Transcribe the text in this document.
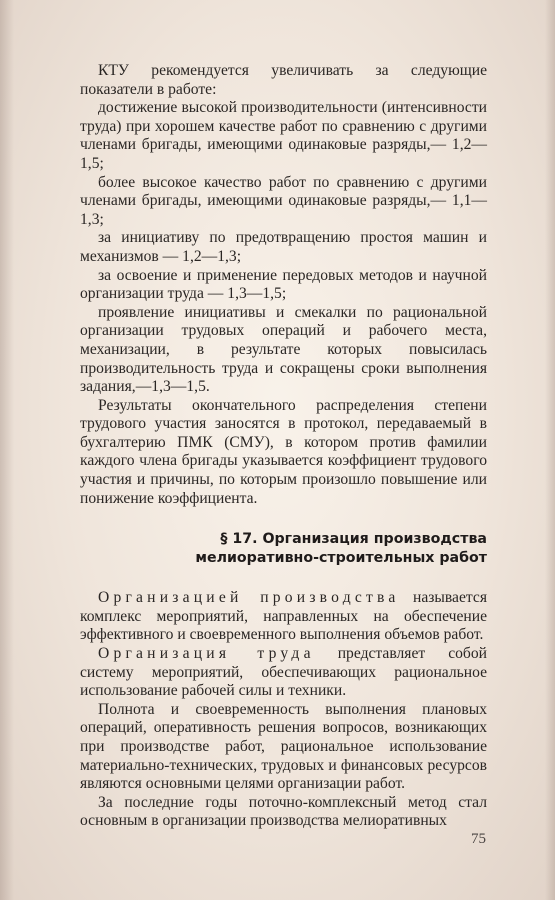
КТУ рекомендуется увеличивать за следующие показатели в работе:

достижение высокой производительности (интенсивности труда) при хорошем качестве работ по сравнению с другими членами бригады, имеющими одинаковые разряды,— 1,2—1,5;

более высокое качество работ по сравнению с другими членами бригады, имеющими одинаковые разряды,— 1,1—1,3;

за инициативу по предотвращению простоя машин и механизмов — 1,2—1,3;

за освоение и применение передовых методов и научной организации труда — 1,3—1,5;

проявление инициативы и смекалки по рациональной организации трудовых операций и рабочего места, механизации, в результате которых повысилась производительность труда и сокращены сроки выполнения задания,—1,3—1,5.

Результаты окончательного распределения степени трудового участия заносятся в протокол, передаваемый в бухгалтерию ПМК (СМУ), в котором против фамилии каждого члена бригады указывается коэффициент трудового участия и причины, по которым произошло повышение или понижение коэффициента.

§ 17. Организация производства
мелиоративно-строительных работ

Организацией производства называется комплекс мероприятий, направленных на обеспечение эффективного и своевременного выполнения объемов работ.

Организация труда представляет собой систему мероприятий, обеспечивающих рациональное использование рабочей силы и техники.

Полнота и своевременность выполнения плановых операций, оперативность решения вопросов, возникающих при производстве работ, рациональное использование материально-технических, трудовых и финансовых ресурсов являются основными целями организации работ.

За последние годы поточно-комплексный метод стал основным в организации производства мелиоративных

75
